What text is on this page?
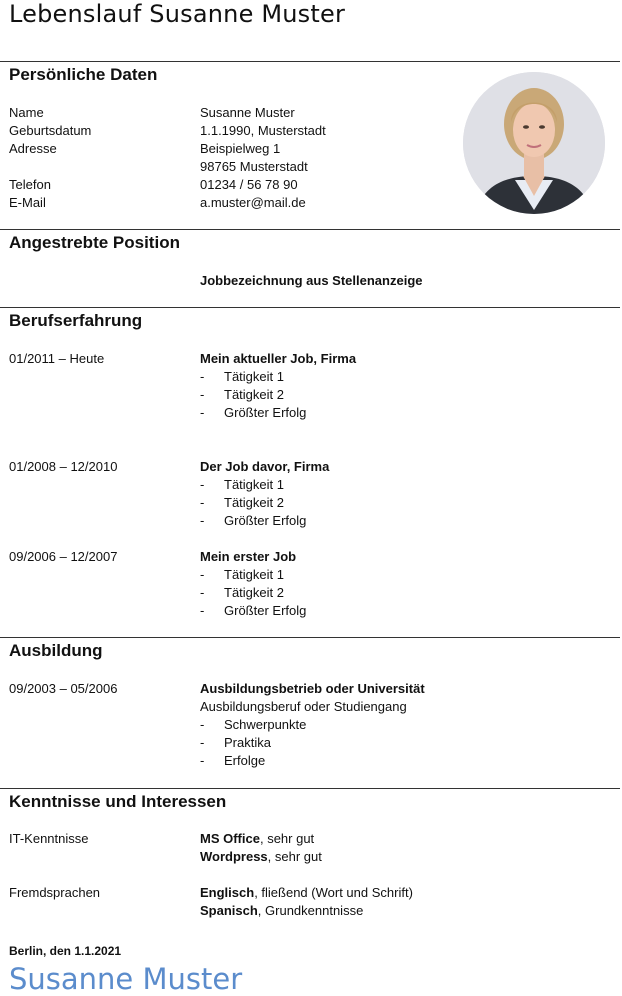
Lebenslauf Susanne Muster
Persönliche Daten
Name	Susanne Muster
Geburtsdatum	1.1.1990, Musterstadt
Adresse	Beispielweg 1
98765 Musterstadt
Telefon	01234 / 56 78 90
E-Mail	a.muster@mail.de
Angestrebte Position
Jobbezeichnung aus Stellenanzeige
Berufserfahrung
01/2011 – Heute	Mein aktueller Job, Firma
- Tätigkeit 1
- Tätigkeit 2
- Größter Erfolg
01/2008 – 12/2010	Der Job davor, Firma
- Tätigkeit 1
- Tätigkeit 2
- Größter Erfolg
09/2006 – 12/2007	Mein erster Job
- Tätigkeit 1
- Tätigkeit 2
- Größter Erfolg
Ausbildung
09/2003 – 05/2006	Ausbildungsbetrieb oder Universität
Ausbildungsberuf oder Studiengang
- Schwerpunkte
- Praktika
- Erfolge
Kenntnisse und Interessen
IT-Kenntnisse	MS Office, sehr gut
Wordpress, sehr gut
Fremdsprachen	Englisch, fließend (Wort und Schrift)
Spanisch, Grundkenntnisse
Berlin, den 1.1.2021
Susanne Muster
